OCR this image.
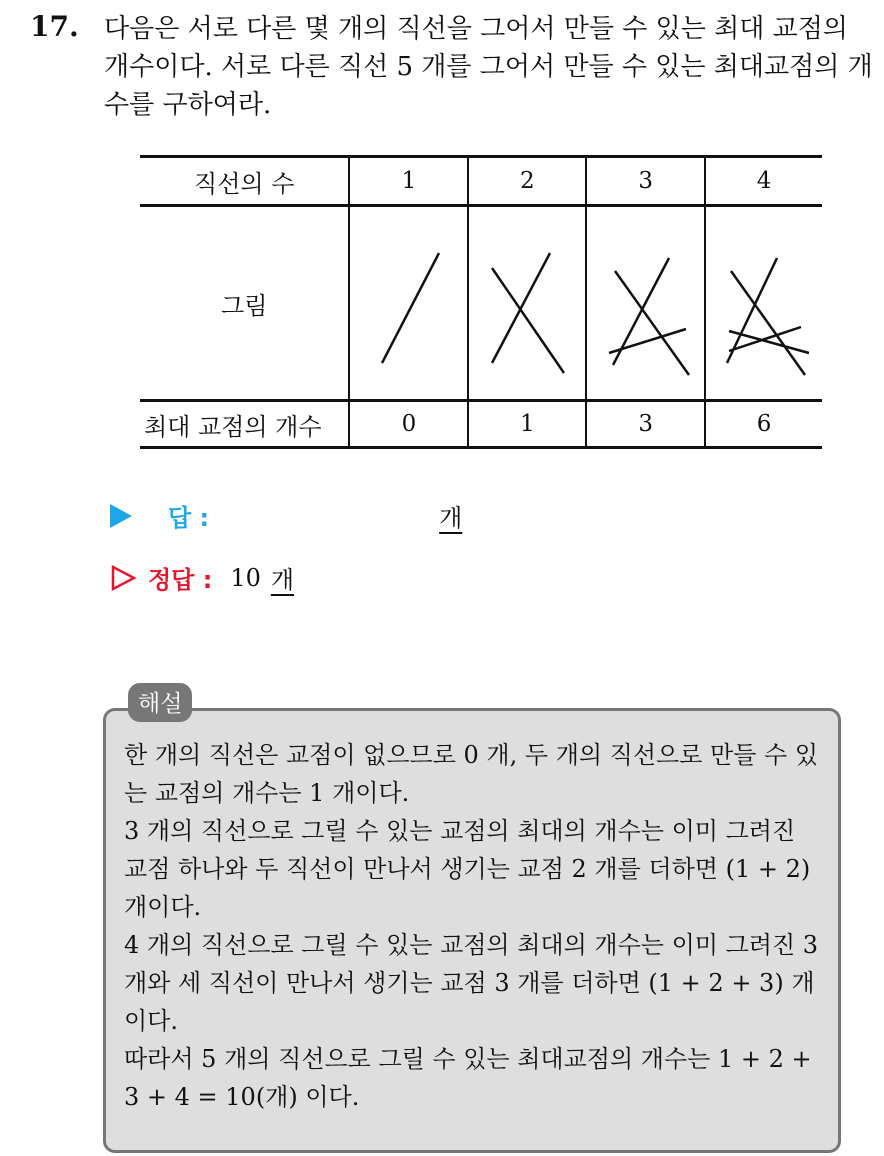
17. 다음은 서로 다른 몇 개의 직선을 그어서 만들 수 있는 최대 교점의 개수이다. 서로 다른 직선 5 개를 그어서 만들 수 있는 최대교점의 개수를 구하여라.
직선의 수	1	2	3	4
그림	

최대 교점의 개수	0	1	3	6
답 :	개
정답 : 10 개
해설

한 개의 직선은 교점이 없으므로 0 개, 두 개의 직선으로 만들 수 있는 교점의 개수는 1 개이다.

3 개의 직선으로 그릴 수 있는 교점의 최대의 개수는 이미 그려진 교점 하나와 두 직선이 만나서 생기는 교점 2 개를 더하면 (1 + 2) 개이다.

4 개의 직선으로 그릴 수 있는 교점의 최대의 개수는 이미 그려진 3 개와 세 직선이 만나서 생기는 교점 3 개를 더하면 (1 + 2 + 3) 개이다.

따라서 5 개의 직선으로 그릴 수 있는 최대교점의 개수는 1 + 2 + 3 + 4 = 10(개) 이다.
